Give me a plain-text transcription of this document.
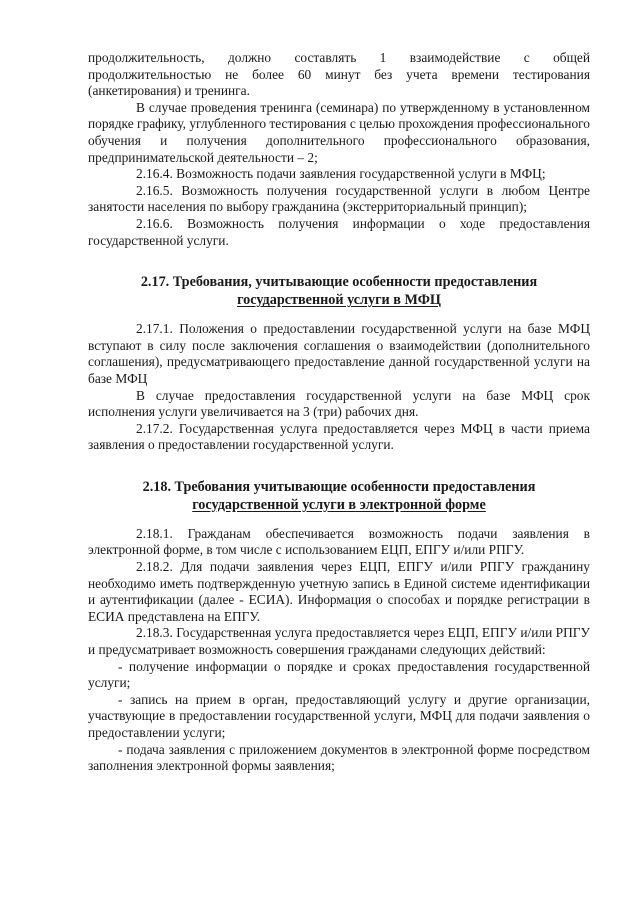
продолжительность, должно составлять 1 взаимодействие с общей продолжительностью не более 60 минут без учета времени тестирования (анкетирования) и тренинга.

В случае проведения тренинга (семинара) по утвержденному в установленном порядке графику, углубленного тестирования с целью прохождения профессионального обучения и получения дополнительного профессионального образования, предпринимательской деятельности – 2;

2.16.4. Возможность подачи заявления государственной услуги в МФЦ;

2.16.5. Возможность получения государственной услуги в любом Центре занятости населения по выбору гражданина (экстерриториальный принцип);

2.16.6. Возможность получения информации о ходе предоставления государственной услуги.

2.17. Требования, учитывающие особенности предоставления
государственной услуги в МФЦ

2.17.1. Положения о предоставлении государственной услуги на базе МФЦ вступают в силу после заключения соглашения о взаимодействии (дополнительного соглашения), предусматривающего предоставление данной государственной услуги на базе МФЦ

В случае предоставления государственной услуги на базе МФЦ срок исполнения услуги увеличивается на 3 (три) рабочих дня.

2.17.2. Государственная услуга предоставляется через МФЦ в части приема заявления о предоставлении государственной услуги.

2.18. Требования учитывающие особенности предоставления
государственной услуги в электронной форме

2.18.1. Гражданам обеспечивается возможность подачи заявления в электронной форме, в том числе с использованием ЕЦП, ЕПГУ и/или РПГУ.

2.18.2. Для подачи заявления через ЕЦП, ЕПГУ и/или РПГУ гражданину необходимо иметь подтвержденную учетную запись в Единой системе идентификации и аутентификации (далее - ЕСИА). Информация о способах и порядке регистрации в ЕСИА представлена на ЕПГУ.

2.18.3. Государственная услуга предоставляется через ЕЦП, ЕПГУ и/или РПГУ и предусматривает возможность совершения гражданами следующих действий:

- получение информации о порядке и сроках предоставления государственной услуги;

- запись на прием в орган, предоставляющий услугу и другие организации, участвующие в предоставлении государственной услуги, МФЦ для подачи заявления о предоставлении услуги;

- подача заявления с приложением документов в электронной форме посредством заполнения электронной формы заявления;
